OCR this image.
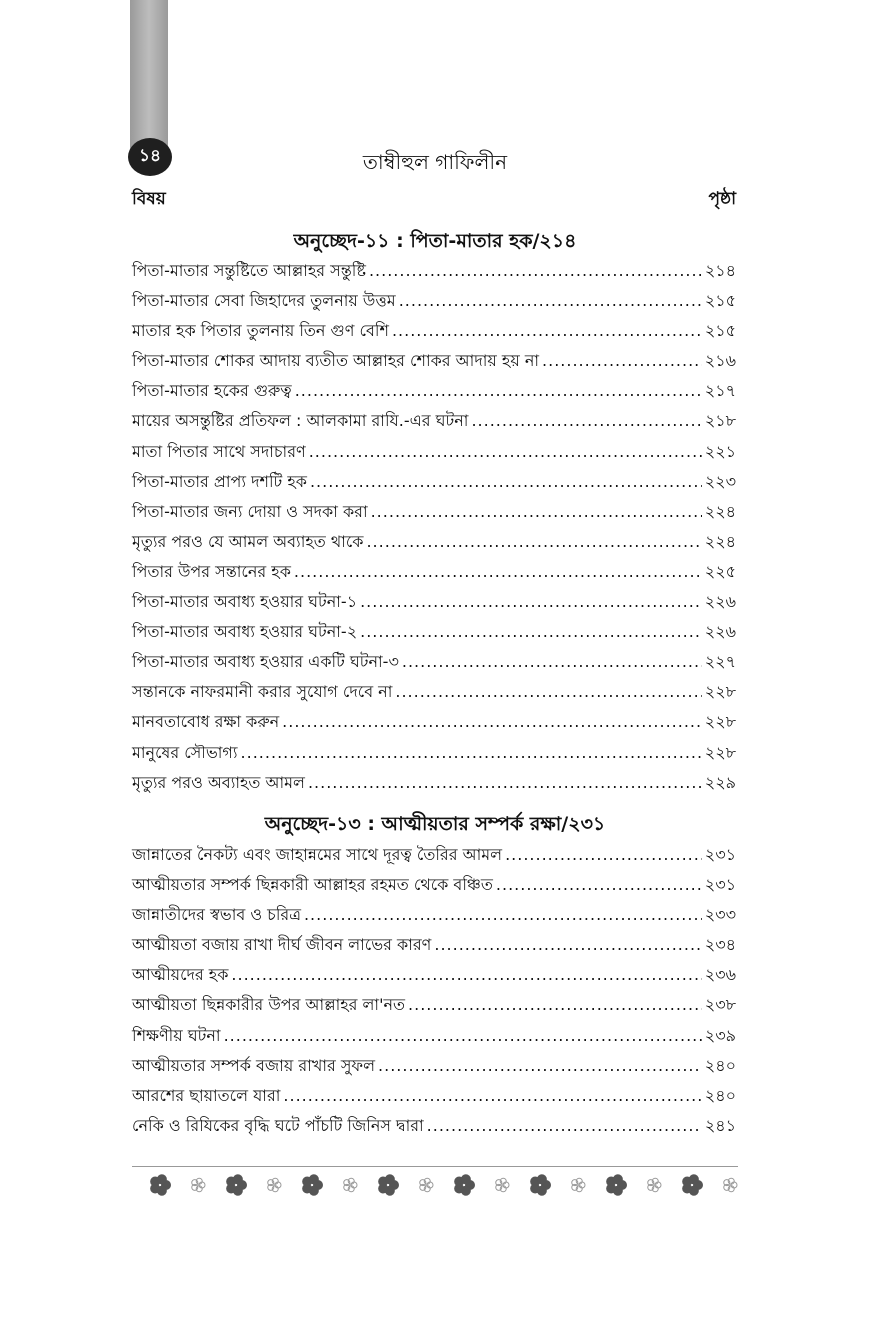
১৪	তাম্বীহুল গাফিলীন
বিষয়	পৃষ্ঠা
অনুচ্ছেদ-১১ : পিতা-মাতার হক/২১৪
পিতা-মাতার সন্তুষ্টিতে আল্লাহর সন্তুষ্টি .....	২১৪
পিতা-মাতার সেবা জিহাদের তুলনায় উত্তম .....	২১৫
মাতার হক পিতার তুলনায় তিন গুণ বেশি .....	২১৫
পিতা-মাতার শোকর আদায় ব্যতীত আল্লাহর শোকর আদায় হয় না .....	২১৬
পিতা-মাতার হকের গুরুত্ব .....	২১৭
মায়ের অসন্তুষ্টির প্রতিফল : আলকামা রাযি.-এর ঘটনা .....	২১৮
মাতা পিতার সাথে সদাচারণ .....	২২১
পিতা-মাতার প্রাপ্য দশটি হক .....	২২৩
পিতা-মাতার জন্য দোয়া ও সদকা করা .....	২২৪
মৃত্যুর পরও যে আমল অব্যাহত থাকে .....	২২৪
পিতার উপর সন্তানের হক .....	২২৫
পিতা-মাতার অবাধ্য হওয়ার ঘটনা-১ .....	২২৬
পিতা-মাতার অবাধ্য হওয়ার ঘটনা-২ .....	২২৬
পিতা-মাতার অবাধ্য হওয়ার একটি ঘটনা-৩ .....	২২৭
সন্তানকে নাফরমানী করার সুযোগ দেবে না .....	২২৮
মানবতাবোধ রক্ষা করুন .....	২২৮
মানুষের সৌভাগ্য .....	২২৮
মৃত্যুর পরও অব্যাহত আমল .....	২২৯
অনুচ্ছেদ-১৩ : আত্মীয়তার সম্পর্ক রক্ষা/২৩১
জান্নাতের নৈকট্য এবং জাহান্নমের সাথে দূরত্ব তৈরির আমল .....	২৩১
আত্মীয়তার সম্পর্ক ছিন্নকারী আল্লাহর রহমত থেকে বঞ্চিত .....	২৩১
জান্নাতীদের স্বভাব ও চরিত্র .....	২৩৩
আত্মীয়তা বজায় রাখা দীর্ঘ জীবন লাভের কারণ .....	২৩৪
আত্মীয়দের হক .....	২৩৬
আত্মীয়তা ছিন্নকারীর উপর আল্লাহর লা'নত .....	২৩৮
শিক্ষণীয় ঘটনা .....	২৩৯
আত্মীয়তার সম্পর্ক বজায় রাখার সুফল .....	২৪০
আরশের ছায়াতলে যারা .....	২৪০
নেকি ও রিযিকের বৃদ্ধি ঘটে পাঁচটি জিনিস দ্বারা .....	২৪১
